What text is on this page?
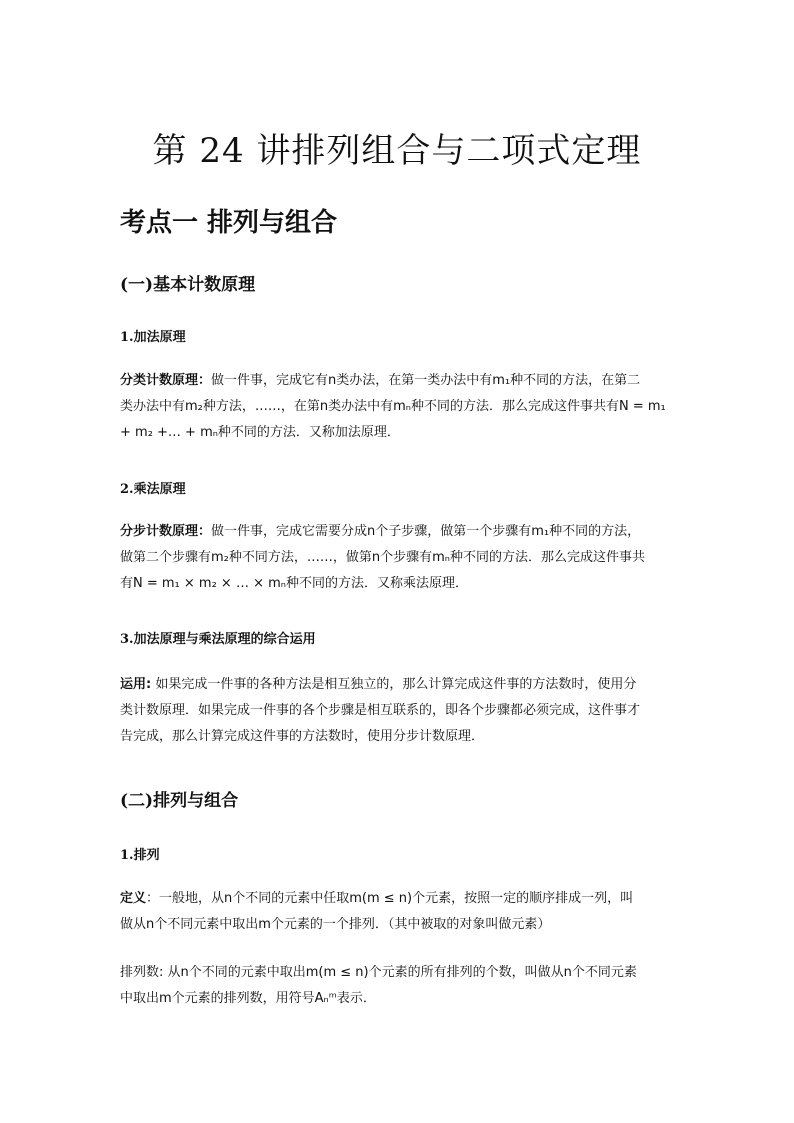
第 24 讲排列组合与二项式定理
考点一 排列与组合
(一)基本计数原理
1.加法原理
分类计数原理：做一件事，完成它有n类办法，在第一类办法中有m₁种不同的方法，在第二
类办法中有m₂种方法，……，在第n类办法中有mₙ种不同的方法．那么完成这件事共有N = m₁
+ m₂ +… + mₙ种不同的方法．又称加法原理．
2.乘法原理
分步计数原理：做一件事，完成它需要分成n个子步骤，做第一个步骤有m₁种不同的方法，
做第二个步骤有m₂种不同方法，……，做第n个步骤有mₙ种不同的方法．那么完成这件事共
有N = m₁ × m₂ × … × mₙ种不同的方法．又称乘法原理．
3.加法原理与乘法原理的综合运用
运用: 如果完成一件事的各种方法是相互独立的，那么计算完成这件事的方法数时，使用分
类计数原理．如果完成一件事的各个步骤是相互联系的，即各个步骤都必须完成，这件事才
告完成，那么计算完成这件事的方法数时，使用分步计数原理．
(二)排列与组合
1.排列
定义：一般地，从n个不同的元素中任取m(m ≤ n)个元素，按照一定的顺序排成一列，叫
做从n个不同元素中取出m个元素的一个排列．（其中被取的对象叫做元素）
排列数: 从n个不同的元素中取出m(m ≤ n)个元素的所有排列的个数，叫做从n个不同元素
中取出m个元素的排列数，用符号Aₙᵐ表示．
